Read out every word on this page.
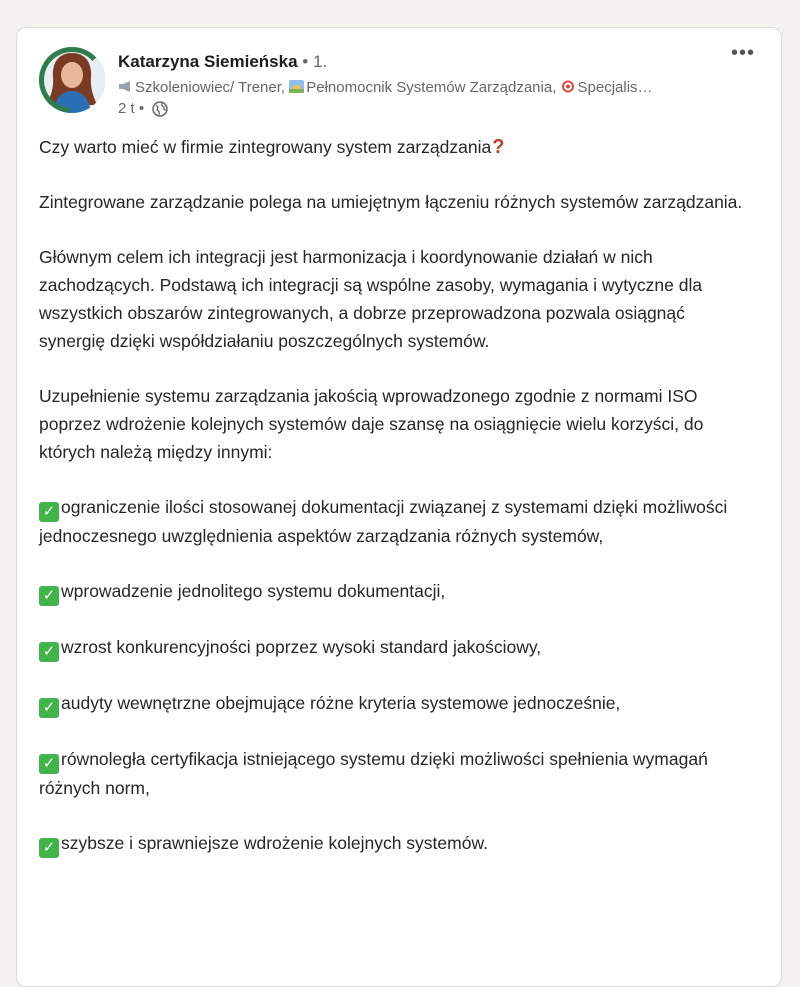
Katarzyna Siemieńska • 1.
Szkoleniowiec/ Trener, Pełnomocnik Systemów Zarządzania, Specjalis…
2 t •
•••

Czy warto mieć w firmie zintegrowany system zarządzania?

Zintegrowane zarządzanie polega na umiejętnym łączeniu różnych systemów zarządzania.

Głównym celem ich integracji jest harmonizacja i koordynowanie działań w nich zachodzących. Podstawą ich integracji są wspólne zasoby, wymagania i wytyczne dla wszystkich obszarów zintegrowanych, a dobrze przeprowadzona pozwala osiągnąć synergię dzięki współdziałaniu poszczególnych systemów.

Uzupełnienie systemu zarządzania jakością wprowadzonego zgodnie z normami ISO poprzez wdrożenie kolejnych systemów daje szansę na osiągnięcie wielu korzyści, do których należą między innymi:

✓ ograniczenie ilości stosowanej dokumentacji związanej z systemami dzięki możliwości jednoczesnego uwzględnienia aspektów zarządzania różnych systemów,

✓ wprowadzenie jednolitego systemu dokumentacji,

✓ wzrost konkurencyjności poprzez wysoki standard jakościowy,

✓ audyty wewnętrzne obejmujące różne kryteria systemowe jednocześnie,

✓ równoległa certyfikacja istniejącego systemu dzięki możliwości spełnienia wymagań różnych norm,

✓ szybsze i sprawniejsze wdrożenie kolejnych systemów.
